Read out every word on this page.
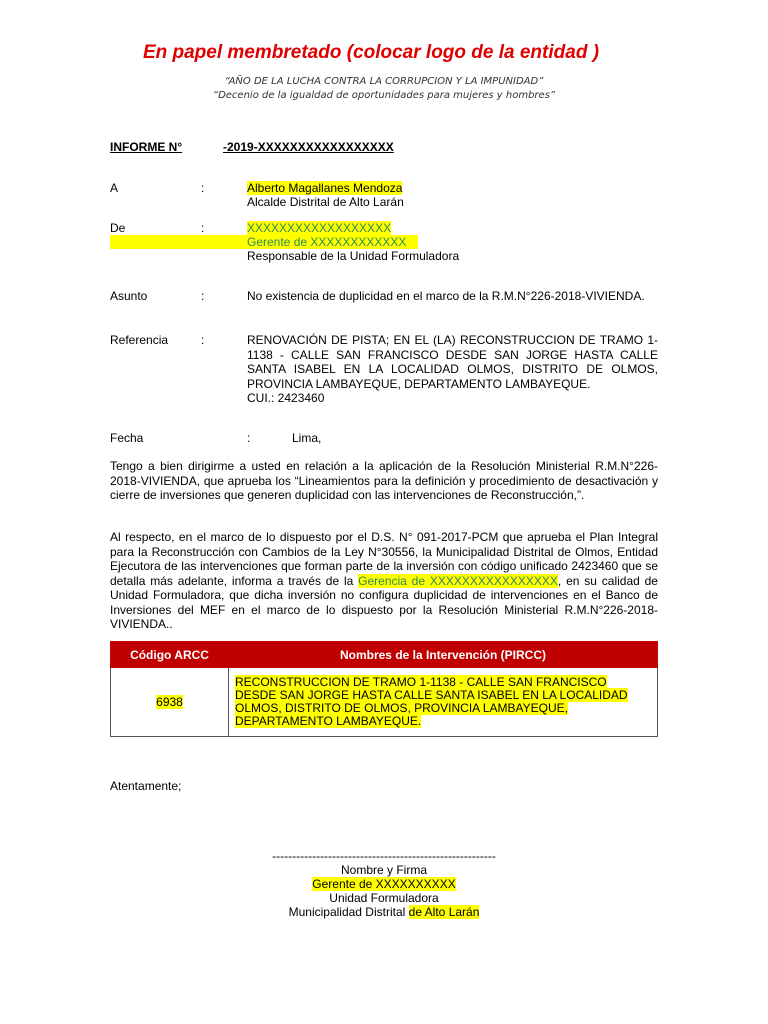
En papel membretado (colocar logo de la entidad )
“AÑO DE LA LUCHA CONTRA LA CORRUPCION Y LA IMPUNIDAD”
“Decenio de la igualdad de oportunidades para mujeres y hombres”
INFORME N°	-2019-XXXXXXXXXXXXXXXXX
A	:	Alberto Magallanes Mendoza
Alcalde Distrital de Alto Larán
De	:	XXXXXXXXXXXXXXXXXX
Gerente de XXXXXXXXXXXX
Responsable de la Unidad Formuladora
Asunto	:	No existencia de duplicidad en el marco de la R.M.N°226-2018-VIVIENDA.
Referencia	:	RENOVACIÓN DE PISTA; EN EL (LA) RECONSTRUCCION DE TRAMO 1-1138 - CALLE SAN FRANCISCO DESDE SAN JORGE HASTA CALLE SANTA ISABEL EN LA LOCALIDAD OLMOS, DISTRITO DE OLMOS, PROVINCIA LAMBAYEQUE, DEPARTAMENTO LAMBAYEQUE.
CUI.: 2423460
Fecha	:	Lima,
Tengo a bien dirigirme a usted en relación a la aplicación de la Resolución Ministerial R.M.N°226-2018-VIVIENDA, que aprueba los “Lineamientos para la definición y procedimiento de desactivación y cierre de inversiones que generen duplicidad con las intervenciones de Reconstrucción,”.
Al respecto, en el marco de lo dispuesto por el D.S. N° 091-2017-PCM que aprueba el Plan Integral para la Reconstrucción con Cambios de la Ley N°30556, la Municipalidad Distrital de Olmos, Entidad Ejecutora de las intervenciones que forman parte de la inversión con código unificado 2423460 que se detalla más adelante, informa a través de la Gerencia de XXXXXXXXXXXXXXXX, en su calidad de Unidad Formuladora, que dicha inversión no configura duplicidad de intervenciones en el Banco de Inversiones del MEF en el marco de lo dispuesto por la Resolución Ministerial R.M.N°226-2018-VIVIENDA..
Código ARCC	Nombres de la Intervención (PIRCC)
6938	RECONSTRUCCION DE TRAMO 1-1138 - CALLE SAN FRANCISCO DESDE SAN JORGE HASTA CALLE SANTA ISABEL EN LA LOCALIDAD OLMOS, DISTRITO DE OLMOS, PROVINCIA LAMBAYEQUE, DEPARTAMENTO LAMBAYEQUE.
Atentamente;
--------------------------------------------------------
Nombre y Firma
Gerente de XXXXXXXXXX
Unidad Formuladora
Municipalidad Distrital de Alto Larán
